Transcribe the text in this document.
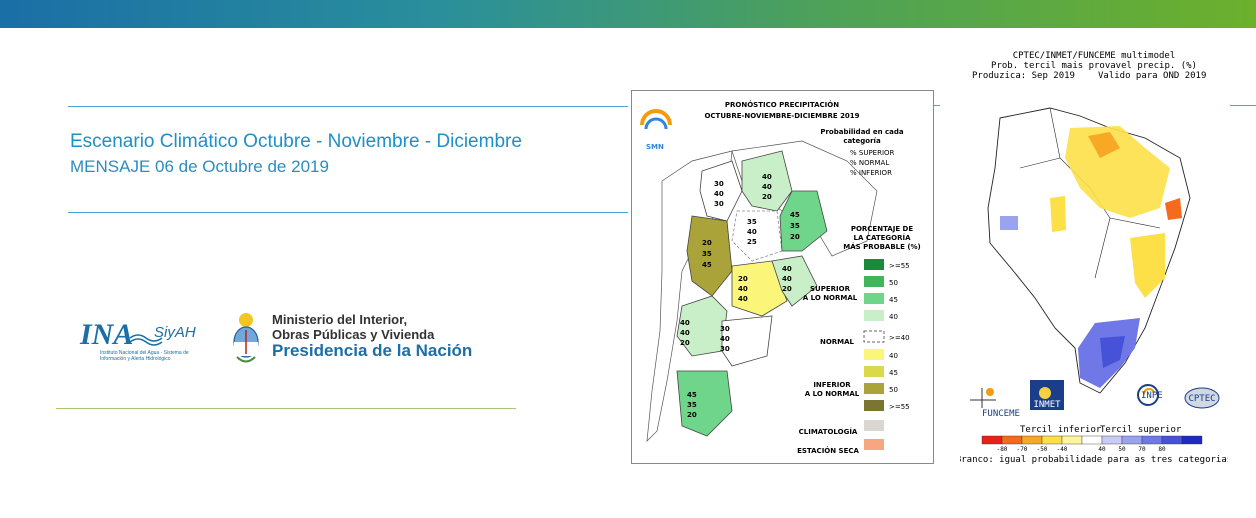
Escenario Climático Octubre - Noviembre - Diciembre
MENSAJE 06 de Octubre de 2019
INA SiyAH
Instituto Nacional del Agua · Sistema de Información y Alerta Hidrológico
Ministerio del Interior,
Obras Públicas y Vivienda
Presidencia de la Nación
SMN
PRONÓSTICO PRECIPITACIÓN
OCTUBRE-NOVIEMBRE-DICIEMBRE 2019
30
40
30
40
40
20
35
40
25
45
35
20
20
35
45
20
40
40
40
40
20
40
40
20
30
40
30
45
35
20
Probabilidad en cada
categoría
% SUPERIOR
% NORMAL
% INFERIOR
PORCENTAJE DE
LA CATEGORÍA
MÁS PROBABLE (%)
SUPERIOR
A LO NORMAL
NORMAL
INFERIOR
A LO NORMAL
CLIMATOLOGÍA
ESTACIÓN SECA
>=55
50
45
40
>=40
40
45
50
>=55
CPTEC/INMET/FUNCEME multimodel
Prob. tercil mais provavel precip. (%)
Produzica: Sep 2019	Valido para OND 2019
FUNCEME
INMET
INPE	CPTEC
Tercil inferior
Tercil superior
-80 -70 -50 -40	40 50 70 80
Branco: igual probabilidade para as tres categorias
